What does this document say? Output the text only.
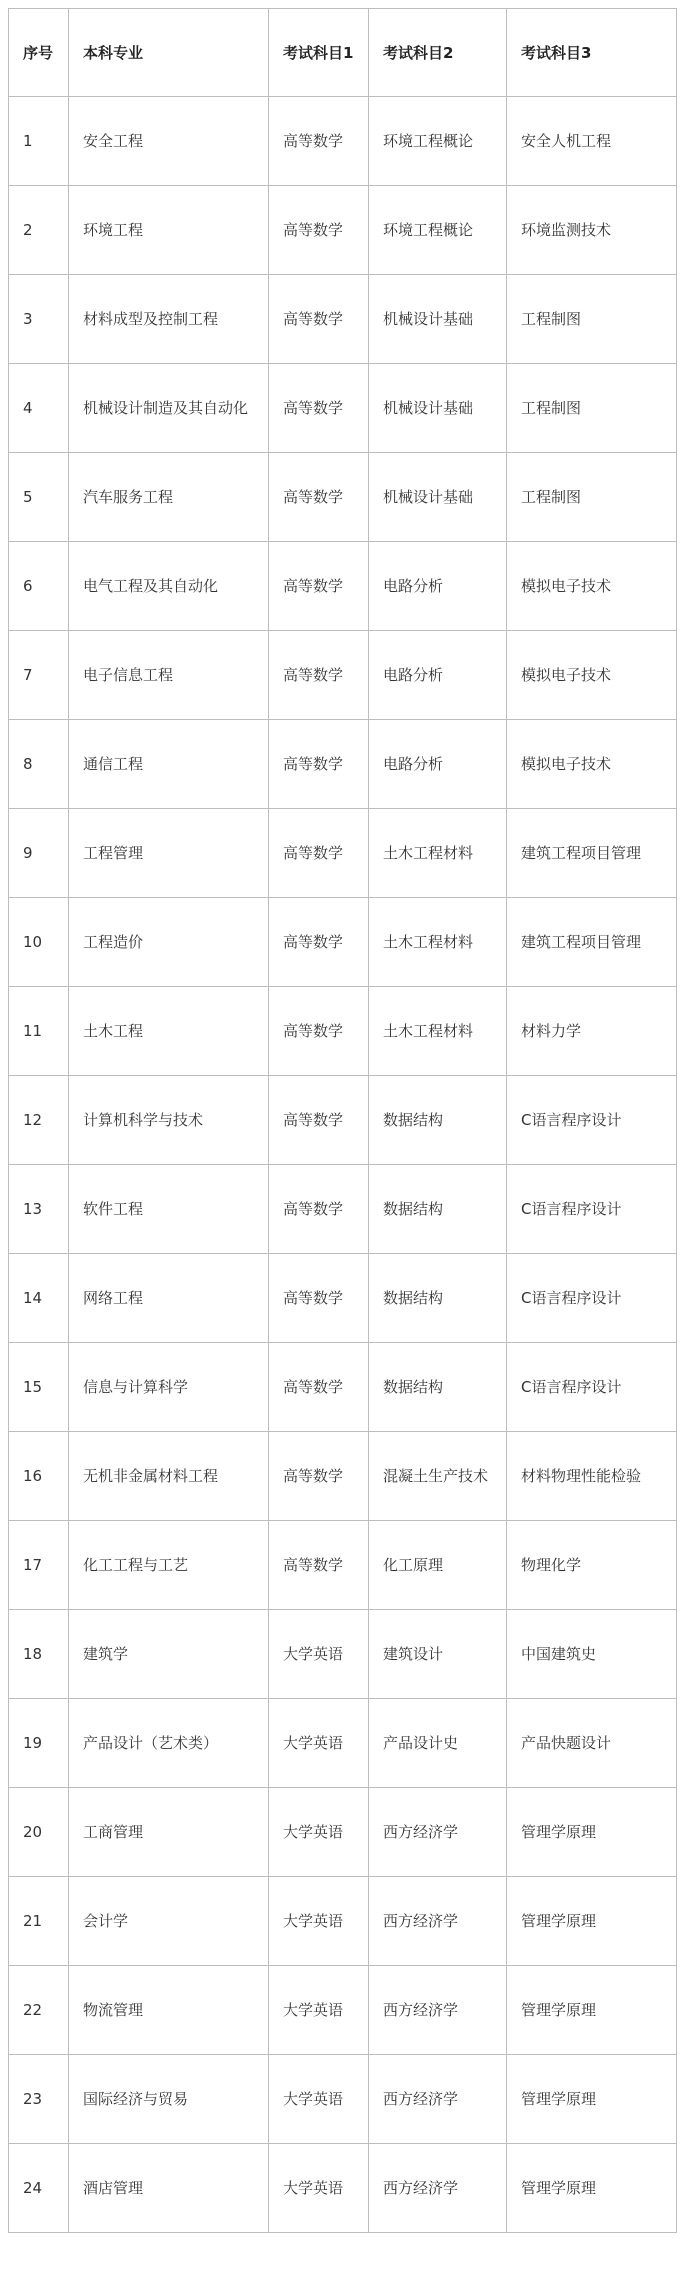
序号	本科专业	考试科目1	考试科目2	考试科目3
1	安全工程	高等数学	环境工程概论	安全人机工程
2	环境工程	高等数学	环境工程概论	环境监测技术
3	材料成型及控制工程	高等数学	机械设计基础	工程制图
4	机械设计制造及其自动化	高等数学	机械设计基础	工程制图
5	汽车服务工程	高等数学	机械设计基础	工程制图
6	电气工程及其自动化	高等数学	电路分析	模拟电子技术
7	电子信息工程	高等数学	电路分析	模拟电子技术
8	通信工程	高等数学	电路分析	模拟电子技术
9	工程管理	高等数学	土木工程材料	建筑工程项目管理
10	工程造价	高等数学	土木工程材料	建筑工程项目管理
11	土木工程	高等数学	土木工程材料	材料力学
12	计算机科学与技术	高等数学	数据结构	C语言程序设计
13	软件工程	高等数学	数据结构	C语言程序设计
14	网络工程	高等数学	数据结构	C语言程序设计
15	信息与计算科学	高等数学	数据结构	C语言程序设计
16	无机非金属材料工程	高等数学	混凝土生产技术	材料物理性能检验
17	化工工程与工艺	高等数学	化工原理	物理化学
18	建筑学	大学英语	建筑设计	中国建筑史
19	产品设计（艺术类）	大学英语	产品设计史	产品快题设计
20	工商管理	大学英语	西方经济学	管理学原理
21	会计学	大学英语	西方经济学	管理学原理
22	物流管理	大学英语	西方经济学	管理学原理
23	国际经济与贸易	大学英语	西方经济学	管理学原理
24	酒店管理	大学英语	西方经济学	管理学原理
